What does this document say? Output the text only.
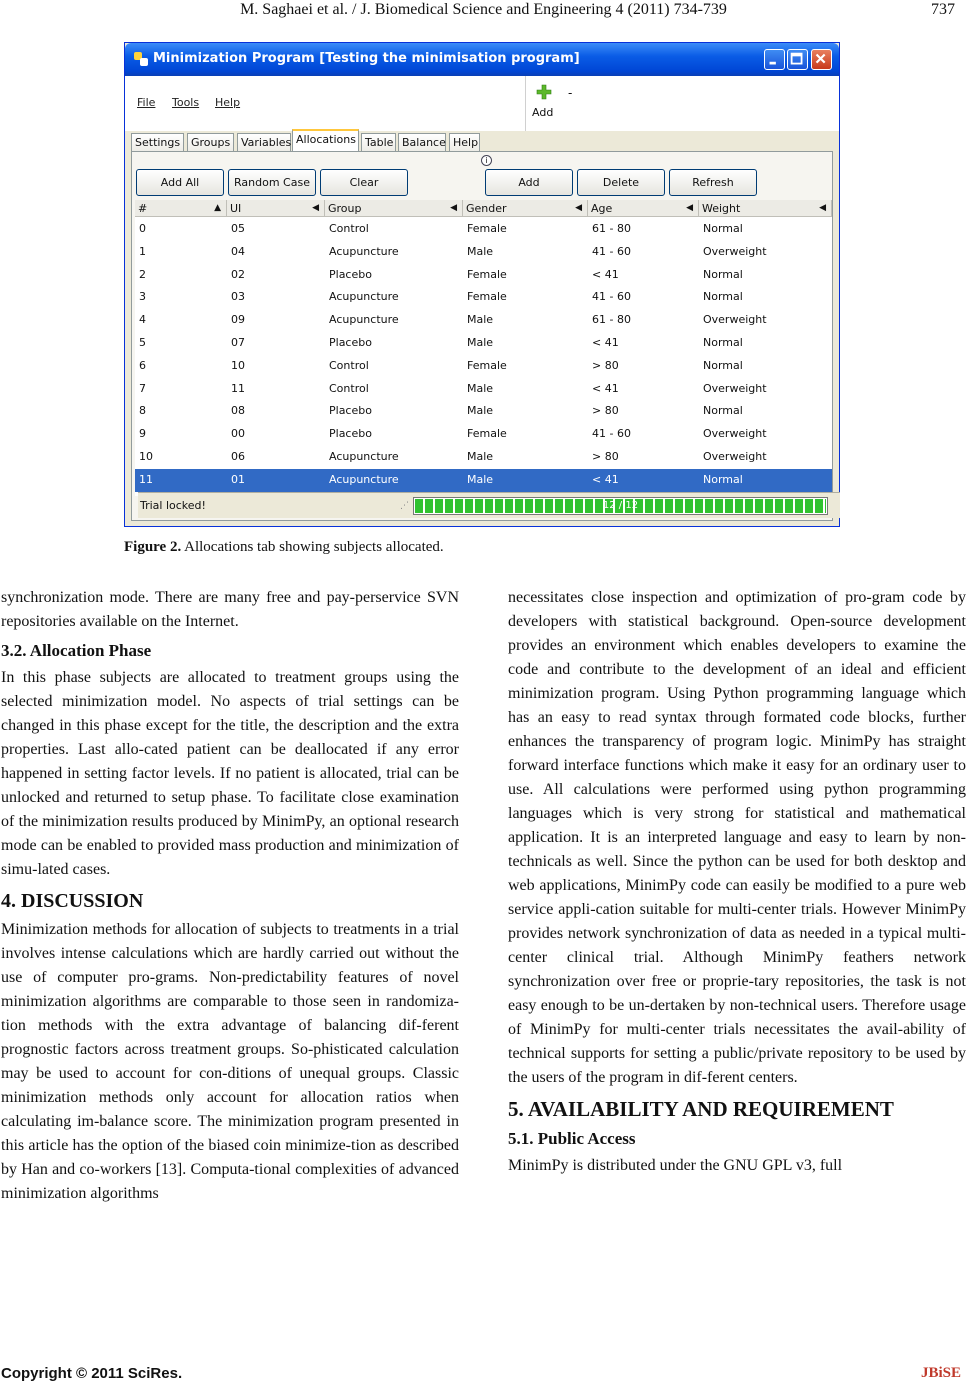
M. Saghaei et al. / J. Biomedical Science and Engineering 4 (2011) 734-739	737
Minimization Program [Testing the minimisation program]
File Tools Help
Add
-
Settings Groups Variables Allocations Table Balance Help
i
Add All	Random Case	Clear	Add	Delete	Refresh
#	▲ UI	◀ Group	◀ Gender	◀ Age	◀ Weight	◀
0	05	Control	Female	61 - 80	Normal
1	04	Acupuncture	Male	41 - 60	Overweight
2	02	Placebo	Female	< 41	Normal
3	03	Acupuncture	Female	41 - 60	Normal
4	09	Acupuncture	Male	61 - 80	Overweight
5	07	Placebo	Male	< 41	Normal
6	10	Control	Female	> 80	Normal
7	11	Control	Male	< 41	Overweight
8	08	Placebo	Male	> 80	Normal
9	00	Placebo	Female	41 - 60	Overweight
10	06	Acupuncture	Male	> 80	Overweight
11	01	Acupuncture	Male	< 41	Normal
Trial locked!	⋰	12 / 12
Figure 2. Allocations tab showing subjects allocated.

synchronization mode. There are many free and pay-perservice SVN repositories available on the Internet.

3.2. Allocation Phase

In this phase subjects are allocated to treatment groups using the selected minimization model. No aspects of trial settings can be changed in this phase except for the title, the description and the extra properties. Last allo-cated patient can be deallocated if any error happened in setting factor levels. If no patient is allocated, trial can be unlocked and returned to setup phase. To facilitate close examination of the minimization results produced by MinimPy, an optional research mode can be enabled to provided mass production and minimization of simu-lated cases.

4. DISCUSSION

Minimization methods for allocation of subjects to treatments in a trial involves intense calculations which are hardly carried out without the use of computer pro-grams. Non-predictability features of novel minimization algorithms are comparable to those seen in randomiza-tion methods with the extra advantage of balancing dif-ferent prognostic factors across treatment groups. So-phisticated calculation may be used to account for con-ditions of unequal groups. Classic minimization methods only account for allocation ratios when calculating im-balance score. The minimization program presented in this article has the option of the biased coin minimize-tion as described by Han and co-workers [13]. Computa-tional complexities of advanced minimization algorithms

necessitates close inspection and optimization of pro-gram code by developers with statistical background. Open-source development provides an environment which enables developers to examine the code and contribute to the development of an ideal and efficient minimization program. Using Python programming language which has an easy to read syntax through formated code blocks, further enhances the transparency of program logic. MinimPy has straight forward interface functions which make it easy for an ordinary user to use. All calculations were performed using python programming languages which is very strong for statistical and mathematical application. It is an interpreted language and easy to learn by non-technicals as well. Since the python can be used for both desktop and web applications, MinimPy code can easily be modified to a pure web service appli-cation suitable for multi-center trials. However MinimPy provides network synchronization of data as needed in a typical multi-center clinical trial. Although MinimPy feathers network synchronization over free or proprie-tary repositories, the task is not easy enough to be un-dertaken by non-technical users. Therefore usage of MinimPy for multi-center trials necessitates the avail-ability of technical supports for setting a public/private repository to be used by the users of the program in dif-ferent centers.

5. AVAILABILITY AND REQUIREMENT
5.1. Public Access

MinimPy is distributed under the GNU GPL v3, full

Copyright © 2011 SciRes.	JBiSE
